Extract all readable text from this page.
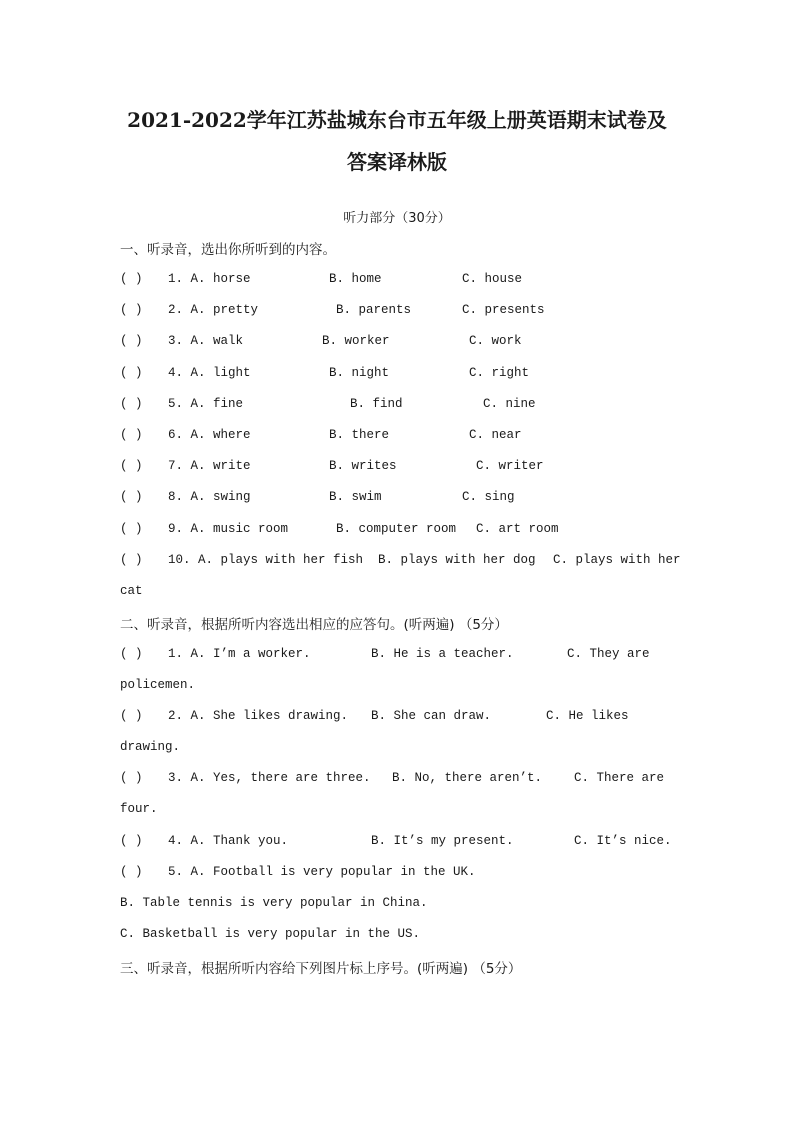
2021-2022学年江苏盐城东台市五年级上册英语期末试卷及
答案译林版
听力部分（30分）
一、听录音，选出你所听到的内容。
( ) 1. A. horse	B. home	C. house
( ) 2. A. pretty	B. parents	C. presents
( ) 3. A. walk	B. worker	C. work
( ) 4. A. light	B. night	C. right
( ) 5. A. fine	B. find	C. nine
( ) 6. A. where	B. there	C. near
( ) 7. A. write	B. writes	C. writer
( ) 8. A. swing	B. swim	C. sing
( ) 9. A. music room	B. computer room C. art room
( ) 10. A. plays with her fish B. plays with her dog C. plays with her
cat
二、听录音，根据所听内容选出相应的应答句。(听两遍) （5分）
( ) 1. A. I’m a worker.	B. He is a teacher.	C. They are
policemen.
( ) 2. A. She likes drawing. B. She can draw.	C. He likes
drawing.
( ) 3. A. Yes, there are three. B. No, there aren’t.	C. There are
four.
( ) 4. A. Thank you.	B. It’s my present.	C. It’s nice.
( ) 5. A. Football is very popular in the UK.
B. Table tennis is very popular in China.
C. Basketball is very popular in the US.
三、听录音，根据所听内容给下列图片标上序号。(听两遍) （5分）
